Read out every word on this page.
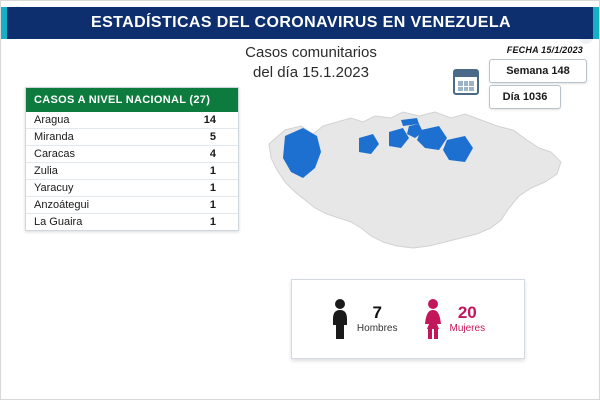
ESTADÍSTICAS DEL CORONAVIRUS EN VENEZUELA
Casos comunitarios
del día 15.1.2023
FECHA 15/1/2023
Semana 148
Día 1036
CASOS A NIVEL NACIONAL (27)
Aragua	14
Miranda	5
Caracas	4
Zulia	1
Yaracuy	1
Anzoátegui	1
La Guaira	1
7
Hombres
20
Mujeres
